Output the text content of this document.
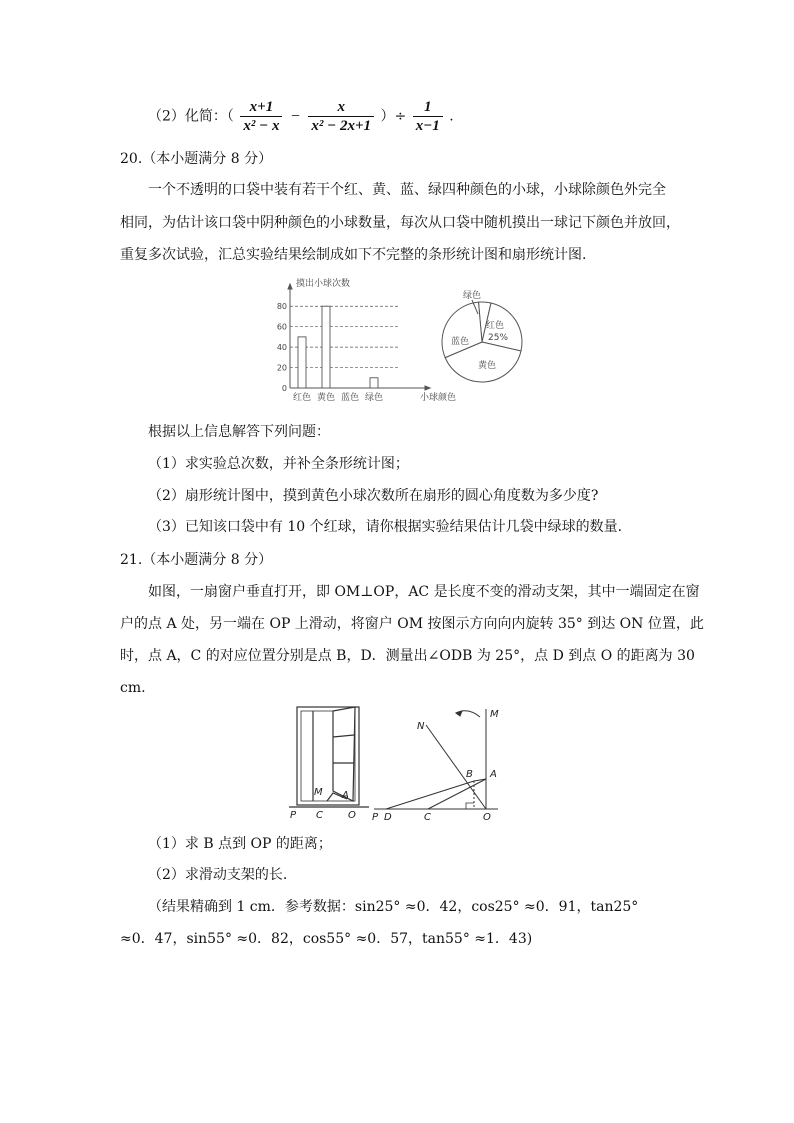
（2）化简：（ $\frac{x+1}{\text{x² − x}} - \frac{x}{\text{x² − 2x+1}}$ ）÷ $\frac{1}{x-1}$ .
20.（本小题满分 8 分）
一个不透明的口袋中装有若干个红、黄、蓝、绿四种颜色的小球，小球除颜色外完全
相同，为估计该口袋中阴种颜色的小球数量，每次从口袋中随机摸出一球记下颜色并放回，
重复多次试验，汇总实验结果绘制成如下不完整的条形统计图和扇形统计图.
摸出小球次数
小球颜色
0
20
40
60
80
红色 黄色 蓝色 绿色
绿色
红色
25%
蓝色
黄色
根据以上信息解答下列问题：
（1）求实验总次数，并补全条形统计图；
（2）扇形统计图中，摸到黄色小球次数所在扇形的圆心角度数为多少度?
（3）已知该口袋中有 10 个红球，请你根据实验结果估计几袋中绿球的数量.
21.（本小题满分 8 分）
如图，一扇窗户垂直打开，即 OM⊥OP，AC 是长度不变的滑动支架，其中一端固定在窗
户的点 A 处，另一端在 OP 上滑动，将窗户 OM 按图示方向向内旋转 35° 到达 ON 位置，此
时，点 A，C 的对应位置分别是点 B，D．测量出∠ODB 为 25°，点 D 到点 O 的距离为 30
cm.
M A
P C	O
N
M
B A
P D	C	O
（1）求 B 点到 OP 的距离；
（2）求滑动支架的长.
（结果精确到 1 cm．参考数据：sin25° ≈0．42，cos25° ≈0．91，tan25°
≈0．47，sin55° ≈0．82，cos55° ≈0．57，tan55° ≈1．43)
